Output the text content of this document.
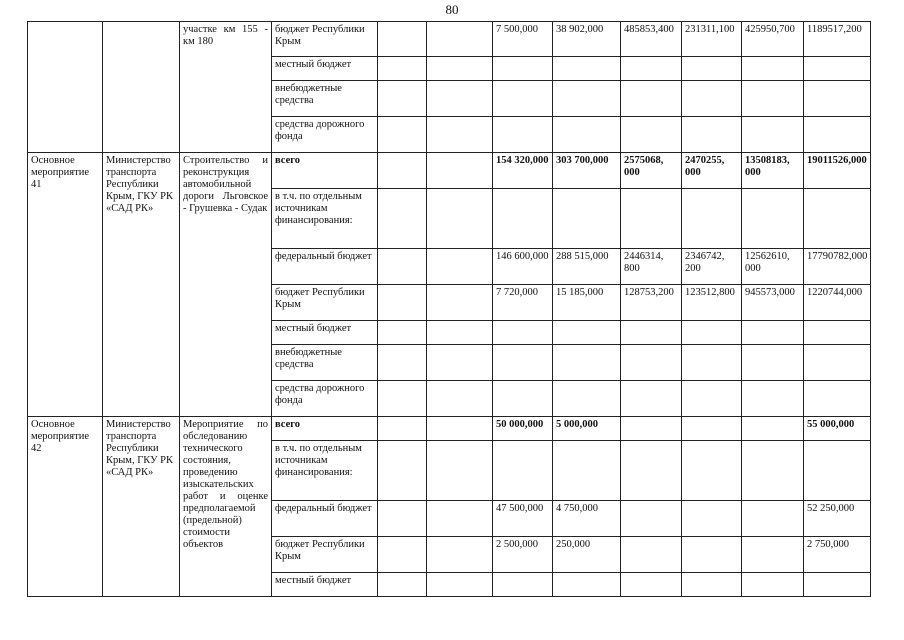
80
		участке км 155 - км 180	бюджет Республики Крым			7 500,000	38 902,000	485853,400	231311,100	425950,700	1189517,200
			местный бюджет								
			внебюджетные средства								
			средства дорожного фонда								
Основное мероприятие 41	Министерство транспорта Республики Крым, ГКУ РК «САД РК»	Строительство и реконструкция автомобильной дороги Льговское - Грушевка - Судак	всего			154 320,000	303 700,000	2575068, 000	2470255, 000	13508183, 000	19011526,000
			в т.ч. по отдельным источникам финансирования:								
			федеральный бюджет			146 600,000	288 515,000	2446314, 800	2346742, 200	12562610, 000	17790782,000
			бюджет Республики Крым			7 720,000	15 185,000	128753,200	123512,800	945573,000	1220744,000
			местный бюджет								
			внебюджетные средства								
			средства дорожного фонда								
Основное мероприятие 42	Министерство транспорта Республики Крым, ГКУ РК «САД РК»	Мероприятие по обследованию технического состояния, проведению изыскательских работ и оценке предполагаемой (предельной) стоимости объектов	всего			50 000,000	5 000,000				55 000,000
			в т.ч. по отдельным источникам финансирования:								
			федеральный бюджет			47 500,000	4 750,000				52 250,000
			бюджет Республики Крым			2 500,000	250,000				2 750,000
			местный бюджет								
